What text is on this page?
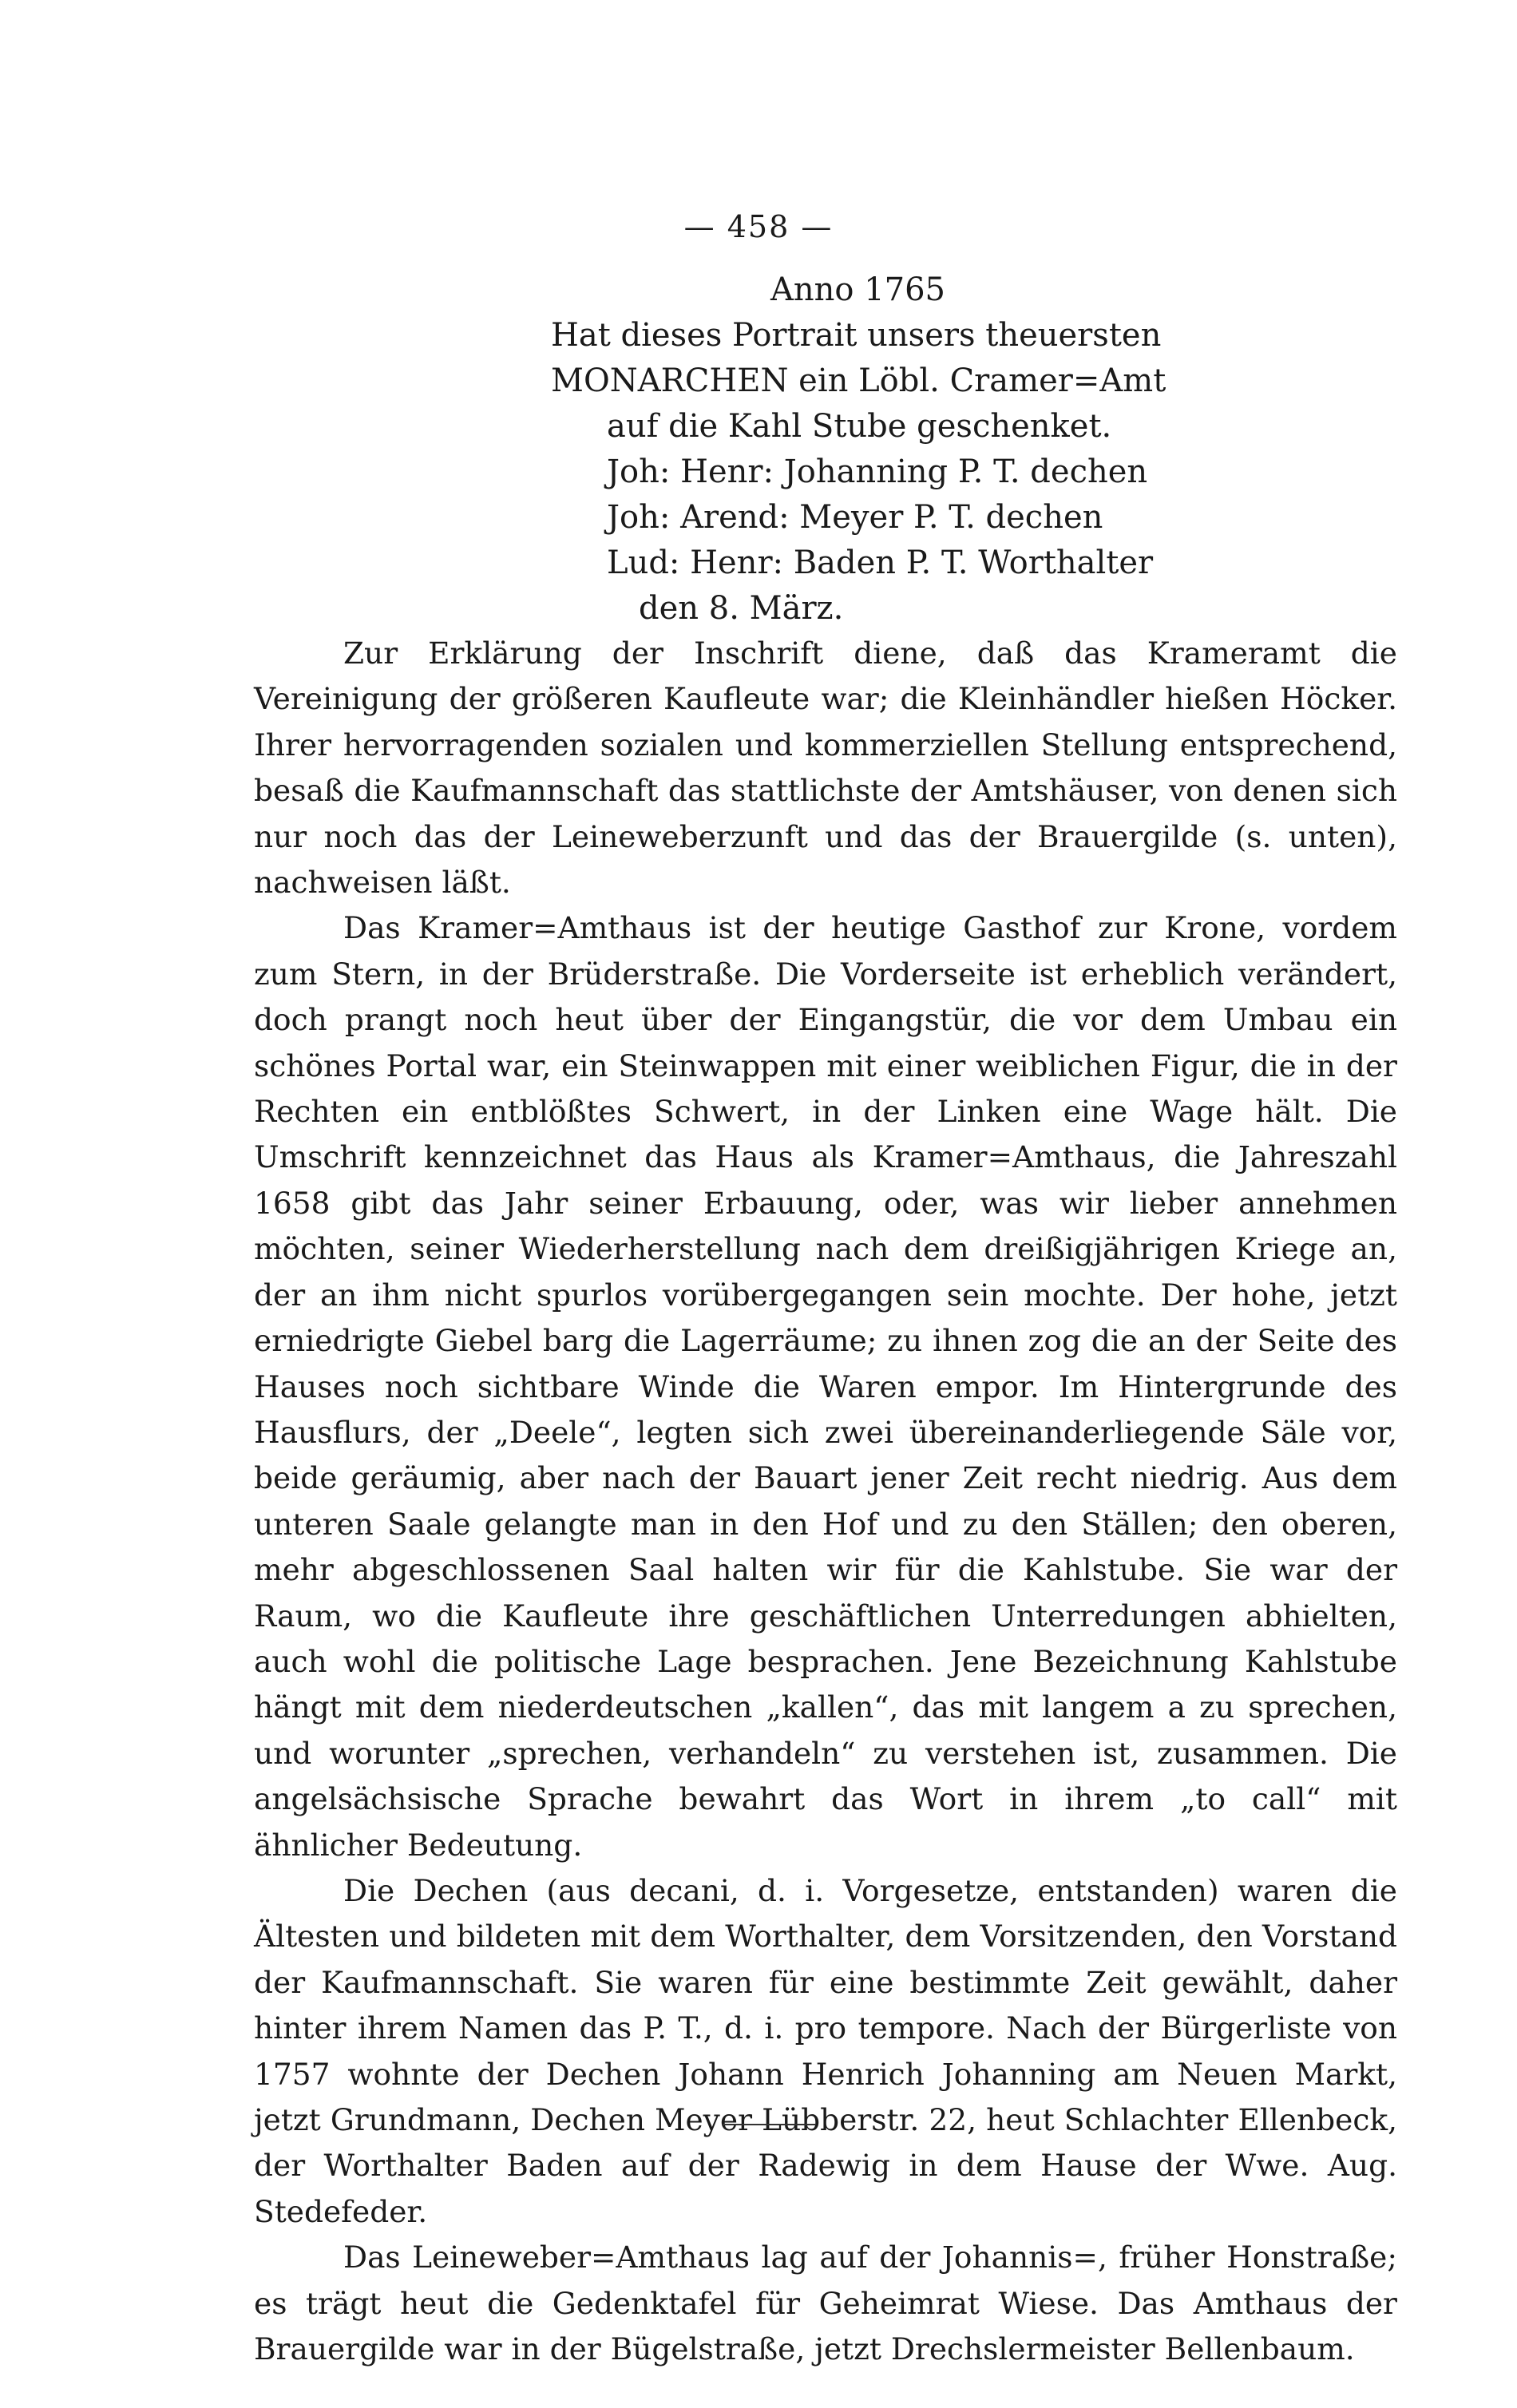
— 458 —
Anno 1765
Hat dieses Portrait unsers theuersten
MONARCHEN ein Löbl. Cramer=Amt
auf die Kahl Stube geschenket.
Joh: Henr: Johanning P. T. dechen
Joh: Arend: Meyer P. T. dechen
Lud: Henr: Baden P. T. Worthalter
den 8. März.

Zur Erklärung der Inschrift diene, daß das Krameramt die Vereinigung der größeren Kaufleute war; die Kleinhändler hießen Höcker. Ihrer hervorragenden sozialen und kommerziellen Stellung entsprechend, besaß die Kaufmannschaft das stattlichste der Amtshäuser, von denen sich nur noch das der Leineweberzunft und das der Brauergilde (s. unten), nachweisen läßt.

Das Kramer=Amthaus ist der heutige Gasthof zur Krone, vordem zum Stern, in der Brüderstraße. Die Vorderseite ist erheblich verändert, doch prangt noch heut über der Eingangstür, die vor dem Umbau ein schönes Portal war, ein Steinwappen mit einer weiblichen Figur, die in der Rechten ein entblößtes Schwert, in der Linken eine Wage hält. Die Umschrift kennzeichnet das Haus als Kramer=Amthaus, die Jahreszahl 1658 gibt das Jahr seiner Erbauung, oder, was wir lieber annehmen möchten, seiner Wiederherstellung nach dem dreißigjährigen Kriege an, der an ihm nicht spurlos vorübergegangen sein mochte. Der hohe, jetzt erniedrigte Giebel barg die Lagerräume; zu ihnen zog die an der Seite des Hauses noch sichtbare Winde die Waren empor. Im Hintergrunde des Hausflurs, der „Deele“, legten sich zwei übereinanderliegende Säle vor, beide geräumig, aber nach der Bauart jener Zeit recht niedrig. Aus dem unteren Saale gelangte man in den Hof und zu den Ställen; den oberen, mehr abgeschlossenen Saal halten wir für die Kahlstube. Sie war der Raum, wo die Kaufleute ihre geschäftlichen Unterredungen abhielten, auch wohl die politische Lage besprachen. Jene Bezeichnung Kahlstube hängt mit dem niederdeutschen „kallen“, das mit langem a zu sprechen, und worunter „sprechen, verhandeln“ zu verstehen ist, zusammen. Die angelsächsische Sprache bewahrt das Wort in ihrem „to call“ mit ähnlicher Bedeutung.

Die Dechen (aus decani, d. i. Vorgesetze, entstanden) waren die Ältesten und bildeten mit dem Worthalter, dem Vorsitzenden, den Vorstand der Kaufmannschaft. Sie waren für eine bestimmte Zeit gewählt, daher hinter ihrem Namen das P. T., d. i. pro tempore. Nach der Bürgerliste von 1757 wohnte der Dechen Johann Henrich Johanning am Neuen Markt, jetzt Grundmann, Dechen Meyer Lübberstr. 22, heut Schlachter Ellenbeck, der Worthalter Baden auf der Radewig in dem Hause der Wwe. Aug. Stedefeder.

Das Leineweber=Amthaus lag auf der Johannis=, früher Honstraße; es trägt heut die Gedenktafel für Geheimrat Wiese. Das Amthaus der Brauergilde war in der Bügelstraße, jetzt Drechslermeister Bellenbaum.
